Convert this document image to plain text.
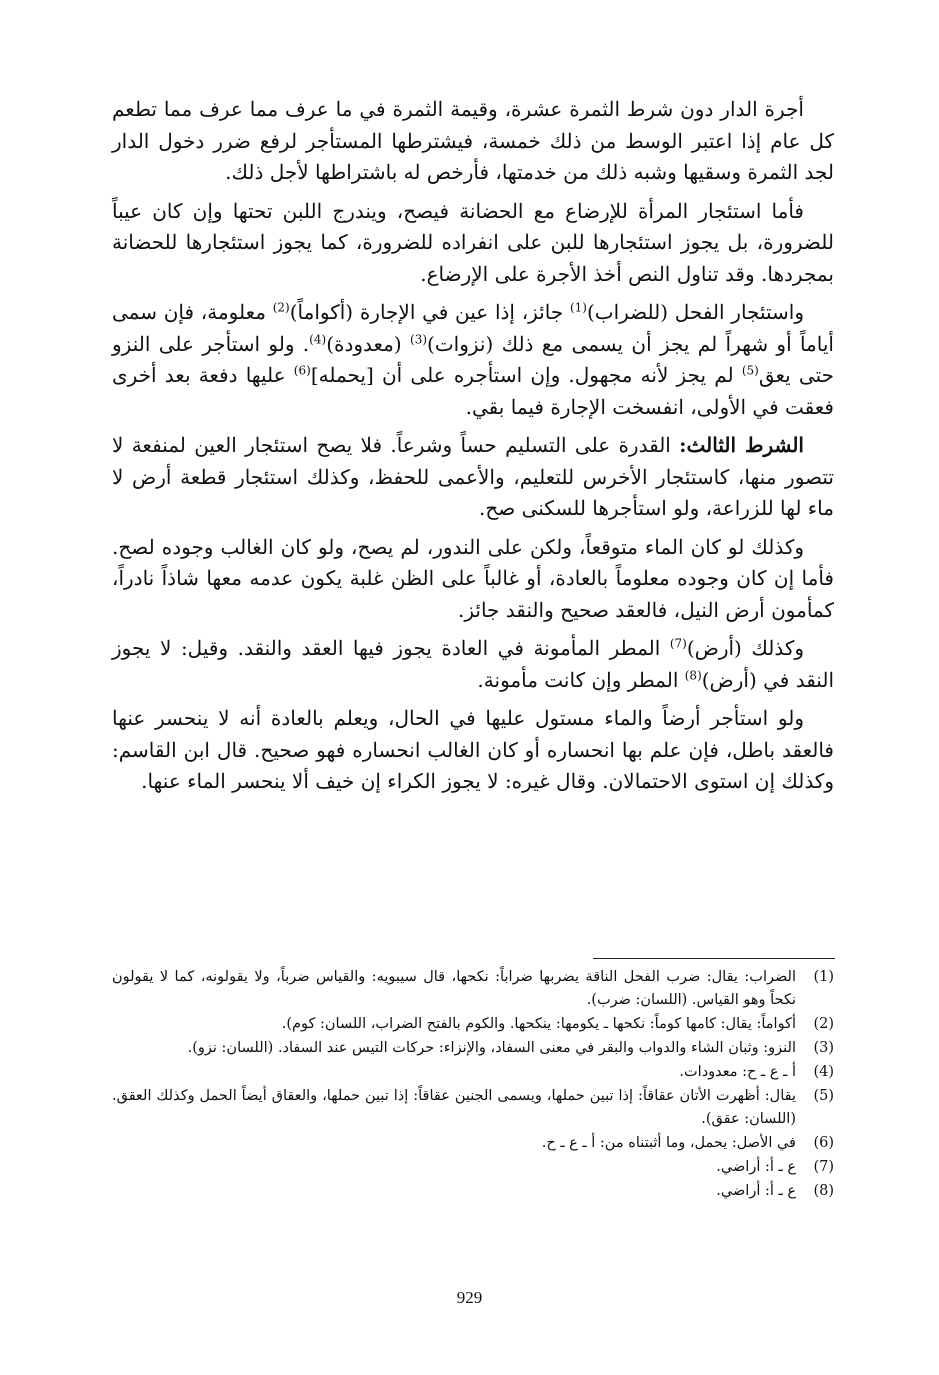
أجرة الدار دون شرط الثمرة عشرة، وقيمة الثمرة في ما عرف مما عرف مما تطعم كل عام إذا اعتبر الوسط من ذلك خمسة، فيشترطها المستأجر لرفع ضرر دخول الدار لجد الثمرة وسقيها وشبه ذلك من خدمتها، فأرخص له باشتراطها لأجل ذلك.

فأما استئجار المرأة للإرضاع مع الحضانة فيصح، ويندرج اللبن تحتها وإن كان عيباً للضرورة، بل يجوز استئجارها للبن على انفراده للضرورة، كما يجوز استئجارها للحضانة بمجردها. وقد تناول النص أخذ الأجرة على الإرضاع.

واستئجار الفحل (للضراب)$^{(1)}$ جائز، إذا عين في الإجارة (أكواماً)$^{(2)}$ معلومة، فإن سمى أياماً أو شهراً لم يجز أن يسمى مع ذلك (نزوات)$^{(3)}$ (معدودة)$^{(4)}$. ولو استأجر على النزو حتى يعق$^{(5)}$ لم يجز لأنه مجهول. وإن استأجره على أن [يحمله]$^{(6)}$ عليها دفعة بعد أخرى فعقت في الأولى، انفسخت الإجارة فيما بقي.

الشرط الثالث: القدرة على التسليم حساً وشرعاً. فلا يصح استئجار العين لمنفعة لا تتصور منها، كاستئجار الأخرس للتعليم، والأعمى للحفظ، وكذلك استئجار قطعة أرض لا ماء لها للزراعة، ولو استأجرها للسكنى صح.

وكذلك لو كان الماء متوقعاً، ولكن على الندور، لم يصح، ولو كان الغالب وجوده لصح. فأما إن كان وجوده معلوماً بالعادة، أو غالباً على الظن غلبة يكون عدمه معها شاذاً نادراً، كمأمون أرض النيل، فالعقد صحيح والنقد جائز.

وكذلك (أرض)$^{(7)}$ المطر المأمونة في العادة يجوز فيها العقد والنقد. وقيل: لا يجوز النقد في (أرض)$^{(8)}$ المطر وإن كانت مأمونة.

ولو استأجر أرضاً والماء مستول عليها في الحال، ويعلم بالعادة أنه لا ينحسر عنها فالعقد باطل، فإن علم بها انحساره أو كان الغالب انحساره فهو صحيح. قال ابن القاسم: وكذلك إن استوى الاحتمالان. وقال غيره: لا يجوز الكراء إن خيف ألا ينحسر الماء عنها.

(1)
الضراب: يقال: ضرب الفحل الناقة يضربها ضراباً: نكحها، قال سيبويه: والقياس ضرباً، ولا يقولونه، كما لا يقولون نكحاً وهو القياس. (اللسان: ضرب).
(2)
أكواماً: يقال: كامها كوماً: نكحها ـ يكومها: ينكحها. والكوم بالفتح الضراب، اللسان: كوم).
(3)
النزو: وثبان الشاء والدواب والبقر في معنى السفاد، والإنزاء: حركات التيس عند السفاد. (اللسان: نزو).
(4)
أ ـ ع ـ ح: معدودات.
(5)
يقال: أظهرت الأتان عقاقاً: إذا تبين حملها، ويسمى الجنين عقاقاً: إذا تبين حملها، والعقاق أيضاً الحمل وكذلك العقق. (اللسان: عقق).
(6)
في الأصل: يحمل، وما أثبتناه من: أ ـ ع ـ ح.
(7)
ع ـ أ: أراضي.
(8)
ع ـ أ: أراضي.
929
